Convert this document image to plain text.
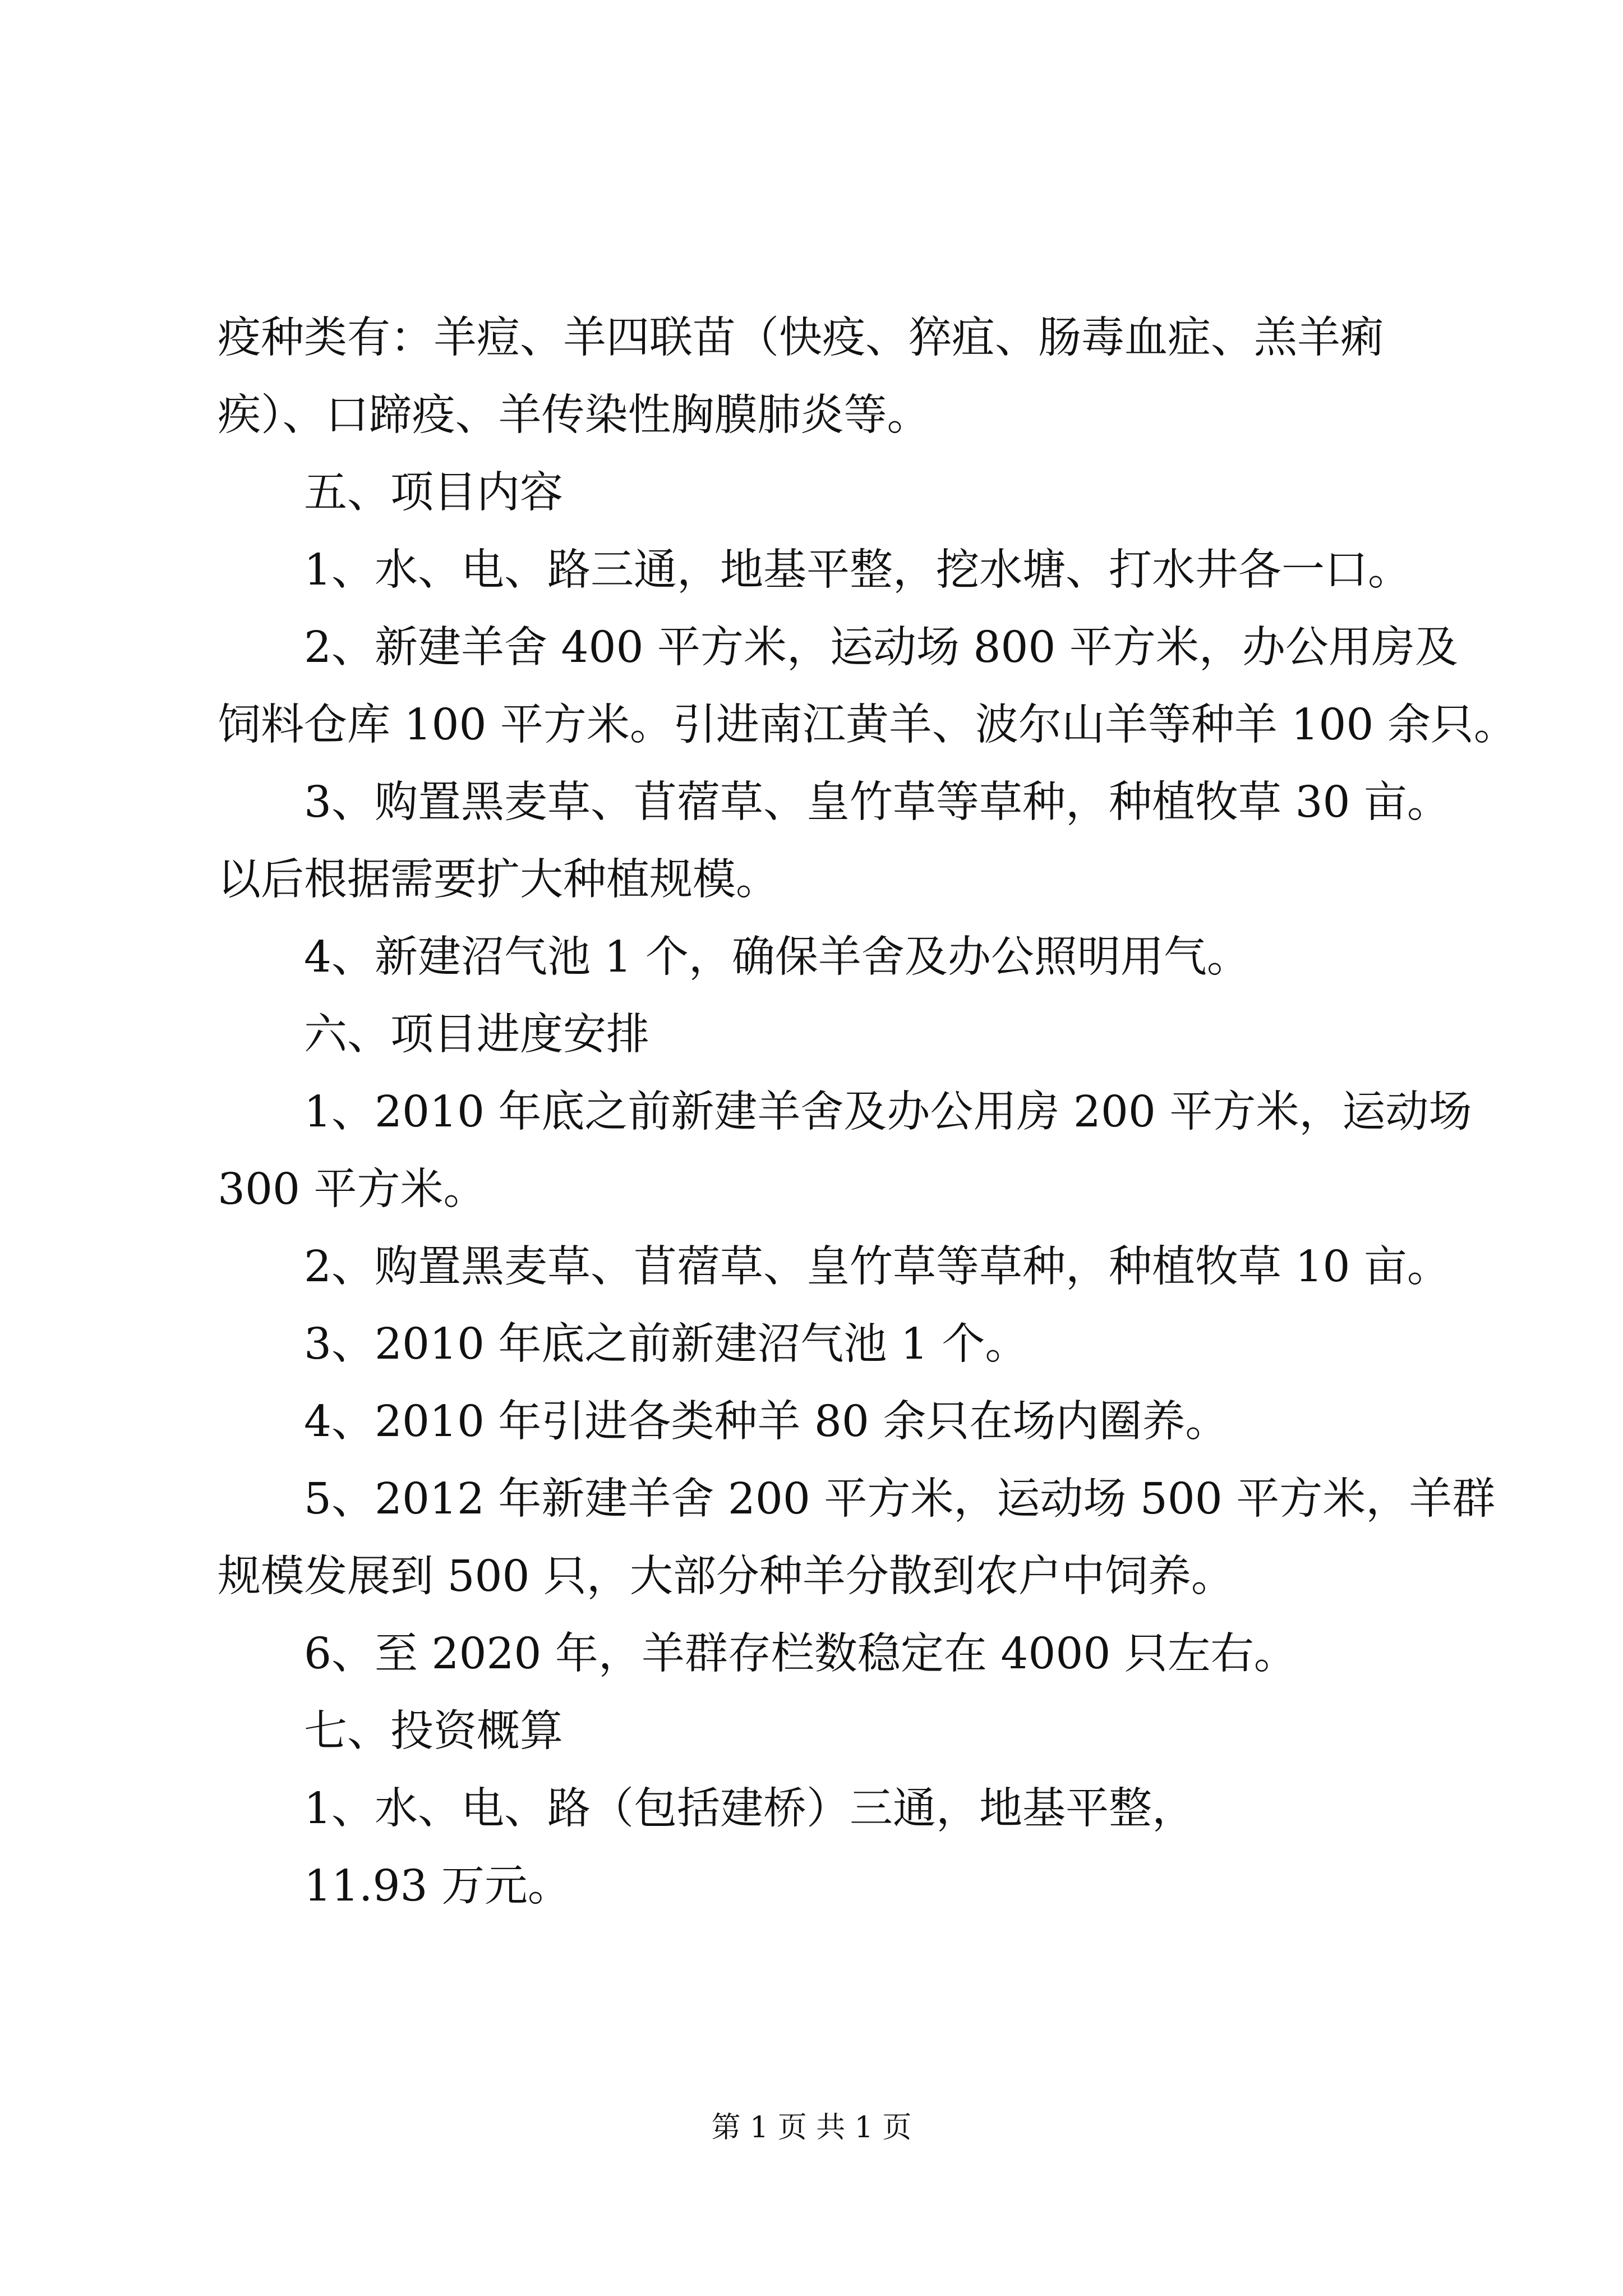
疫种类有：羊痘、羊四联苗（快疫、猝疽、肠毒血症、羔羊痢

疾）、口蹄疫、羊传染性胸膜肺炎等。

五、项目内容

1、水、电、路三通，地基平整，挖水塘、打水井各一口。

2、新建羊舍 400 平方米，运动场 800 平方米，办公用房及

饲料仓库 100 平方米。引进南江黄羊、波尔山羊等种羊 100 余只。

3、购置黑麦草、苜蓿草、皇竹草等草种，种植牧草 30 亩。

以后根据需要扩大种植规模。

4、新建沼气池 1 个，确保羊舍及办公照明用气。

六、项目进度安排

1、2010 年底之前新建羊舍及办公用房 200 平方米，运动场

300 平方米。

2、购置黑麦草、苜蓿草、皇竹草等草种，种植牧草 10 亩。

3、2010 年底之前新建沼气池 1 个。

4、2010 年引进各类种羊 80 余只在场内圈养。

5、2012 年新建羊舍 200 平方米，运动场 500 平方米，羊群

规模发展到 500 只，大部分种羊分散到农户中饲养。

6、至 2020 年，羊群存栏数稳定在 4000 只左右。

七、投资概算

1、水、电、路（包括建桥）三通，地基平整，

11.93 万元。

第 1 页 共 1 页
